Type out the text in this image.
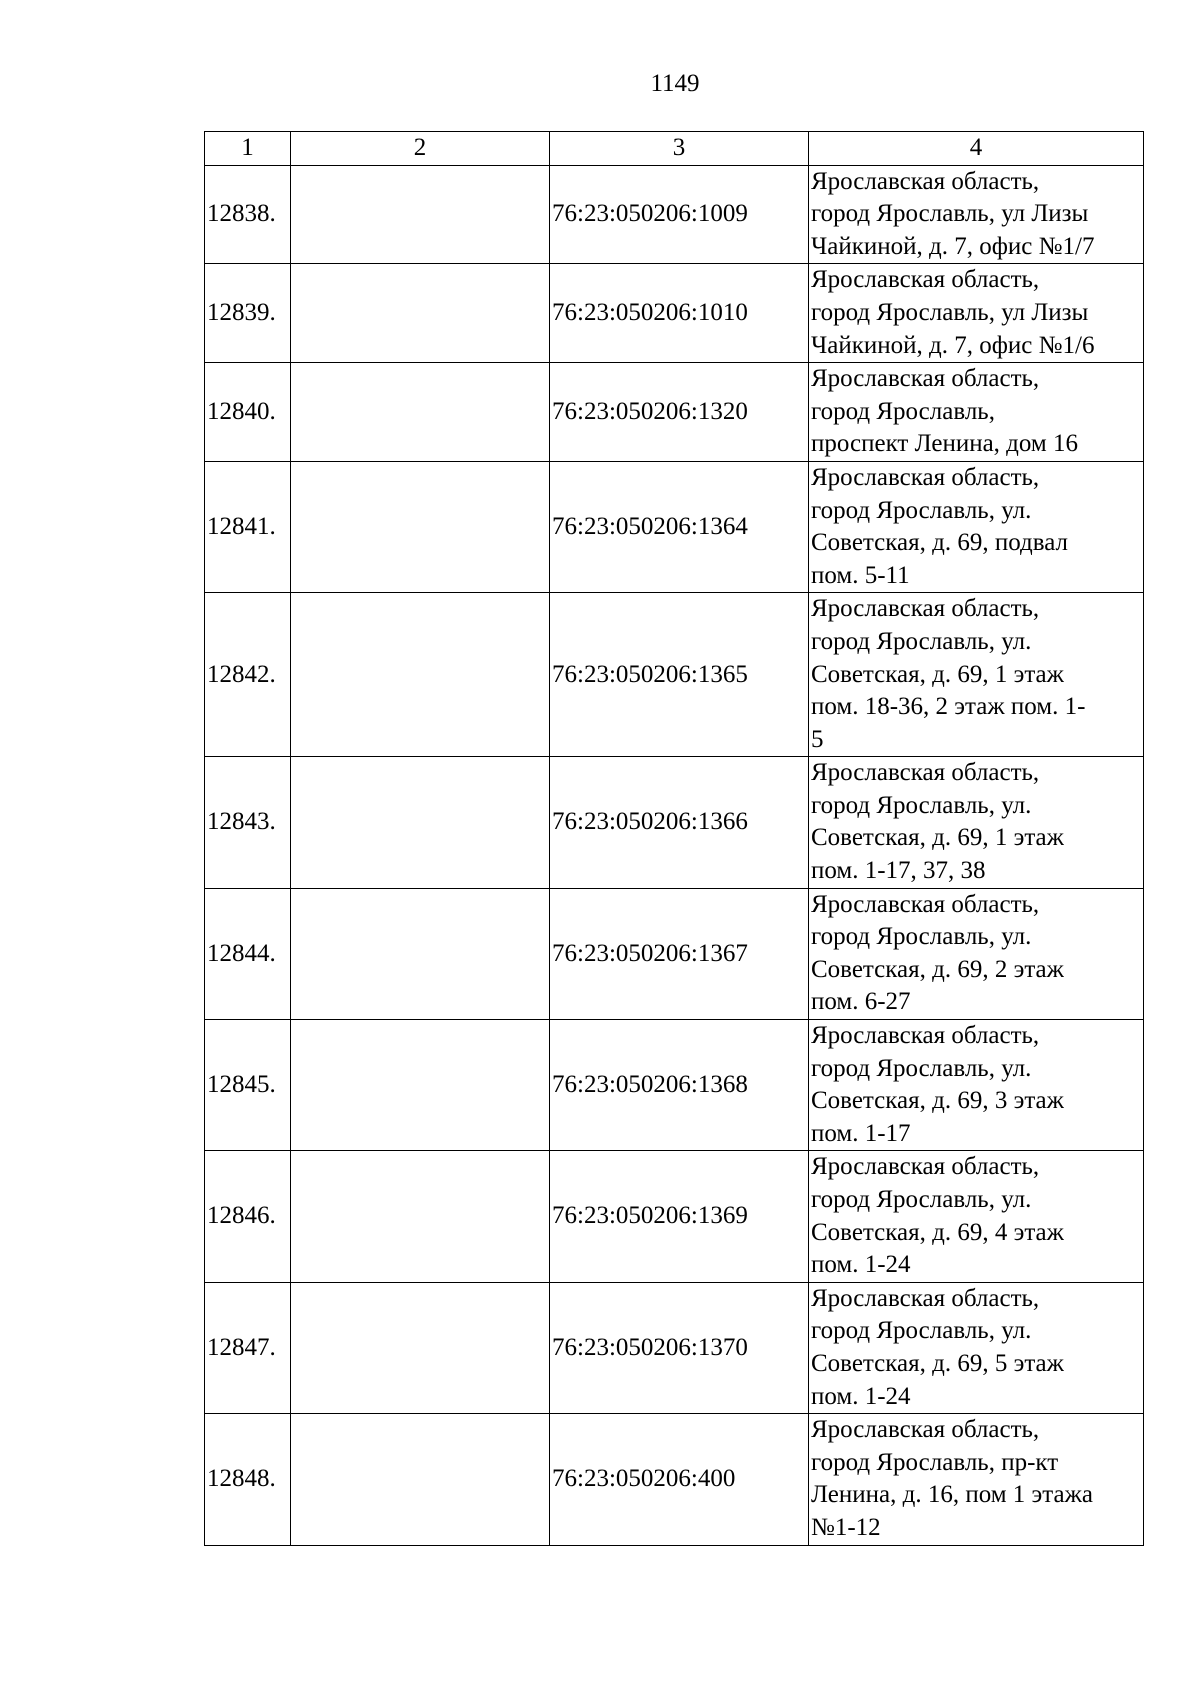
1149
1	2	3	4
12838.		76:23:050206:1009	Ярославская область,
город Ярославль, ул Лизы
Чайкиной, д. 7, офис №1/7
12839.		76:23:050206:1010	Ярославская область,
город Ярославль, ул Лизы
Чайкиной, д. 7, офис №1/6
12840.		76:23:050206:1320	Ярославская область,
город Ярославль,
проспект Ленина, дом 16
12841.		76:23:050206:1364	Ярославская область,
город Ярославль, ул.
Советская, д. 69, подвал
пом. 5-11
12842.		76:23:050206:1365	Ярославская область,
город Ярославль, ул.
Советская, д. 69, 1 этаж
пом. 18-36, 2 этаж пом. 1-
5
12843.		76:23:050206:1366	Ярославская область,
город Ярославль, ул.
Советская, д. 69, 1 этаж
пом. 1-17, 37, 38
12844.		76:23:050206:1367	Ярославская область,
город Ярославль, ул.
Советская, д. 69, 2 этаж
пом. 6-27
12845.		76:23:050206:1368	Ярославская область,
город Ярославль, ул.
Советская, д. 69, 3 этаж
пом. 1-17
12846.		76:23:050206:1369	Ярославская область,
город Ярославль, ул.
Советская, д. 69, 4 этаж
пом. 1-24
12847.		76:23:050206:1370	Ярославская область,
город Ярославль, ул.
Советская, д. 69, 5 этаж
пом. 1-24
12848.		76:23:050206:400	Ярославская область,
город Ярославль, пр-кт
Ленина, д. 16, пом 1 этажа
№1-12
